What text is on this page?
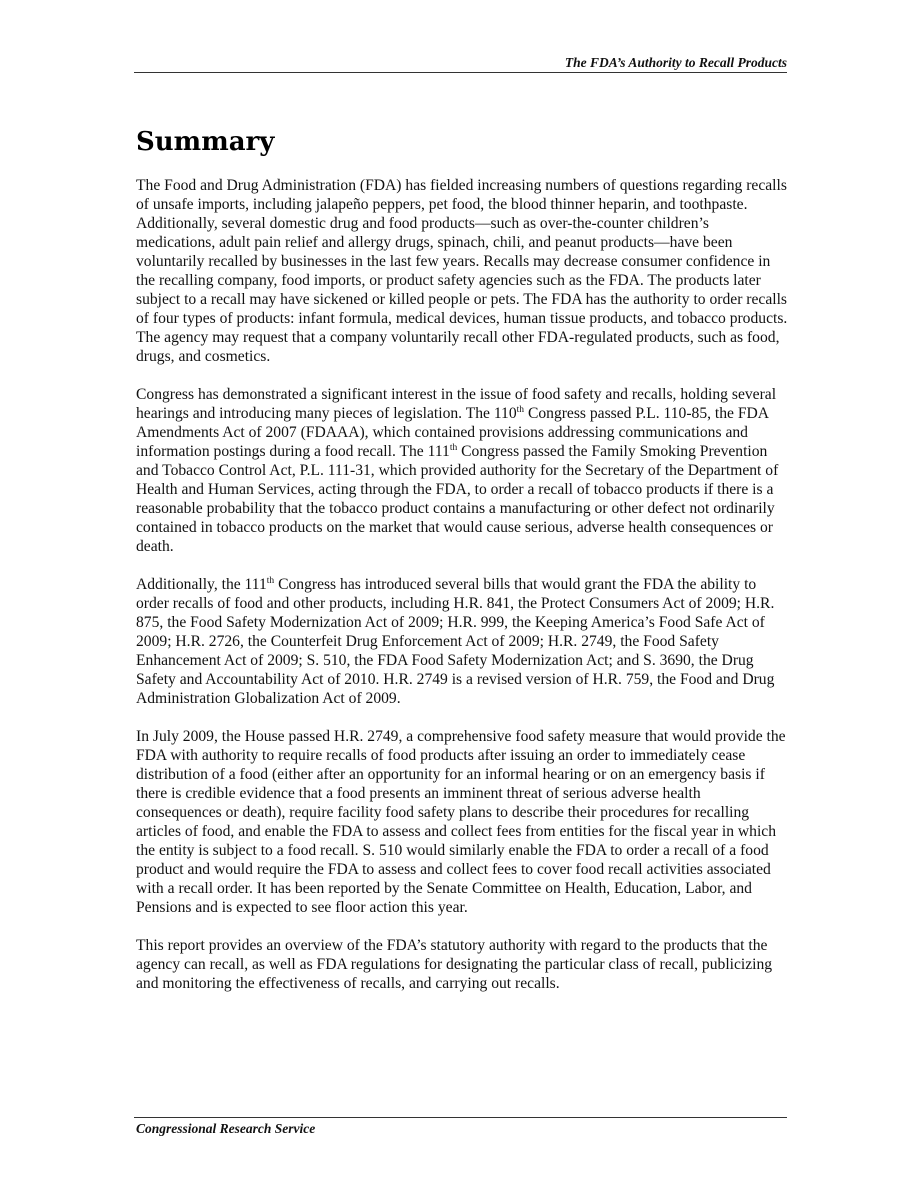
The FDA’s Authority to Recall Products
Summary

The Food and Drug Administration (FDA) has fielded increasing numbers of questions regarding recalls of unsafe imports, including jalapeño peppers, pet food, the blood thinner heparin, and toothpaste. Additionally, several domestic drug and food products—such as over-the-counter children’s medications, adult pain relief and allergy drugs, spinach, chili, and peanut products—have been voluntarily recalled by businesses in the last few years. Recalls may decrease consumer confidence in the recalling company, food imports, or product safety agencies such as the FDA. The products later subject to a recall may have sickened or killed people or pets. The FDA has the authority to order recalls of four types of products: infant formula, medical devices, human tissue products, and tobacco products. The agency may request that a company voluntarily recall other FDA-regulated products, such as food, drugs, and cosmetics.

Congress has demonstrated a significant interest in the issue of food safety and recalls, holding several hearings and introducing many pieces of legislation. The 110th Congress passed P.L. 110-85, the FDA Amendments Act of 2007 (FDAAA), which contained provisions addressing communications and information postings during a food recall. The 111th Congress passed the Family Smoking Prevention and Tobacco Control Act, P.L. 111-31, which provided authority for the Secretary of the Department of Health and Human Services, acting through the FDA, to order a recall of tobacco products if there is a reasonable probability that the tobacco product contains a manufacturing or other defect not ordinarily contained in tobacco products on the market that would cause serious, adverse health consequences or death.

Additionally, the 111th Congress has introduced several bills that would grant the FDA the ability to order recalls of food and other products, including H.R. 841, the Protect Consumers Act of 2009; H.R. 875, the Food Safety Modernization Act of 2009; H.R. 999, the Keeping America’s Food Safe Act of 2009; H.R. 2726, the Counterfeit Drug Enforcement Act of 2009; H.R. 2749, the Food Safety Enhancement Act of 2009; S. 510, the FDA Food Safety Modernization Act; and S. 3690, the Drug Safety and Accountability Act of 2010. H.R. 2749 is a revised version of H.R. 759, the Food and Drug Administration Globalization Act of 2009.

In July 2009, the House passed H.R. 2749, a comprehensive food safety measure that would provide the FDA with authority to require recalls of food products after issuing an order to immediately cease distribution of a food (either after an opportunity for an informal hearing or on an emergency basis if there is credible evidence that a food presents an imminent threat of serious adverse health consequences or death), require facility food safety plans to describe their procedures for recalling articles of food, and enable the FDA to assess and collect fees from entities for the fiscal year in which the entity is subject to a food recall. S. 510 would similarly enable the FDA to order a recall of a food product and would require the FDA to assess and collect fees to cover food recall activities associated with a recall order. It has been reported by the Senate Committee on Health, Education, Labor, and Pensions and is expected to see floor action this year.

This report provides an overview of the FDA’s statutory authority with regard to the products that the agency can recall, as well as FDA regulations for designating the particular class of recall, publicizing and monitoring the effectiveness of recalls, and carrying out recalls.

Congressional Research Service
